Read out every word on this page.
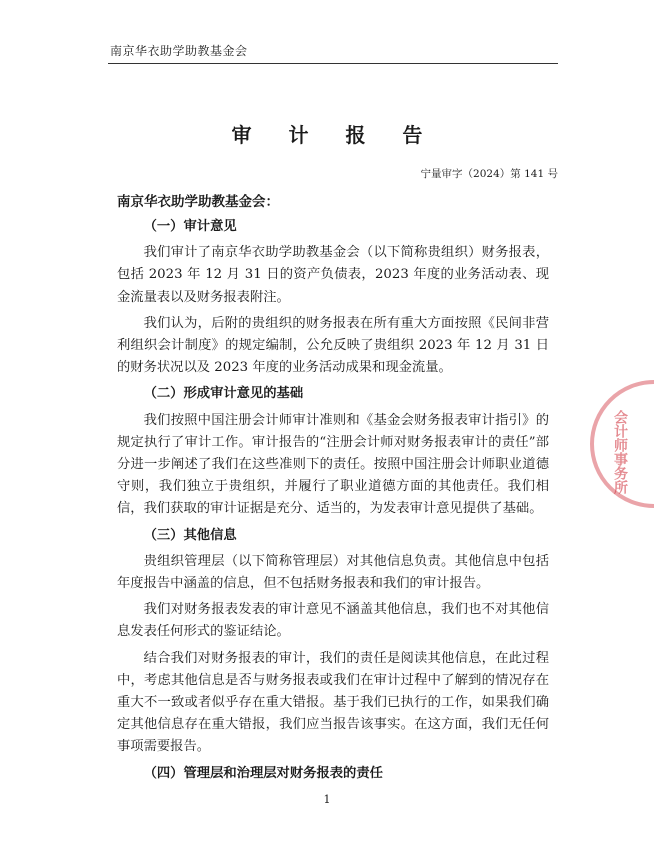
南京华衣助学助教基金会
审 计 报 告
宁量审字（2024）第 141 号
南京华衣助学助教基金会：
（一）审计意见
我们审计了南京华衣助学助教基金会（以下简称贵组织）财务报表，包括 2023 年 12 月 31 日的资产负债表，2023 年度的业务活动表、现金流量表以及财务报表附注。
我们认为，后附的贵组织的财务报表在所有重大方面按照《民间非营利组织会计制度》的规定编制，公允反映了贵组织 2023 年 12 月 31 日的财务状况以及 2023 年度的业务活动成果和现金流量。
（二）形成审计意见的基础
我们按照中国注册会计师审计准则和《基金会财务报表审计指引》的规定执行了审计工作。审计报告的“注册会计师对财务报表审计的责任”部分进一步阐述了我们在这些准则下的责任。按照中国注册会计师职业道德守则，我们独立于贵组织，并履行了职业道德方面的其他责任。我们相信，我们获取的审计证据是充分、适当的，为发表审计意见提供了基础。
（三）其他信息
贵组织管理层（以下简称管理层）对其他信息负责。其他信息中包括年度报告中涵盖的信息，但不包括财务报表和我们的审计报告。
我们对财务报表发表的审计意见不涵盖其他信息，我们也不对其他信息发表任何形式的鉴证结论。
结合我们对财务报表的审计，我们的责任是阅读其他信息，在此过程中，考虑其他信息是否与财务报表或我们在审计过程中了解到的情况存在重大不一致或者似乎存在重大错报。基于我们已执行的工作，如果我们确定其他信息存在重大错报，我们应当报告该事实。在这方面，我们无任何事项需要报告。
（四）管理层和治理层对财务报表的责任
会计师事务所
1
